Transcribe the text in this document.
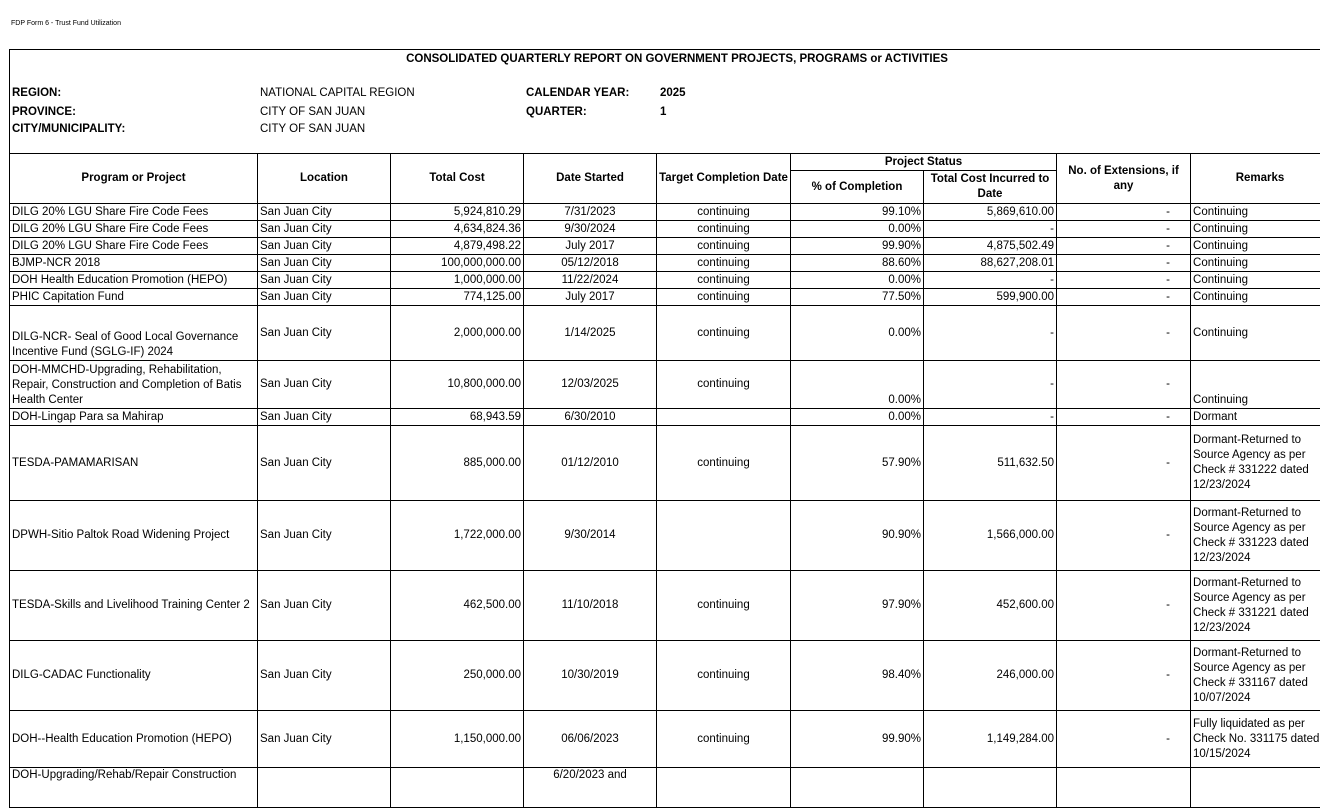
FDP Form 6 - Trust Fund Utilization
CONSOLIDATED QUARTERLY REPORT ON GOVERNMENT PROJECTS, PROGRAMS or ACTIVITIES
REGION:	NATIONAL CAPITAL REGION	CALENDAR YEAR:	2025
PROVINCE:	CITY OF SAN JUAN	QUARTER:	1
CITY/MUNICIPALITY:	CITY OF SAN JUAN
Program or Project	Location	Total Cost	Date Started	Target Completion Date	Project Status		No. of Extensions, if any	Remarks
					% of Completion	Total Cost Incurred to Date		
DILG 20% LGU Share Fire Code Fees	San Juan City	5,924,810.29	7/31/2023	continuing	99.10%	5,869,610.00	-	Continuing
DILG 20% LGU Share Fire Code Fees	San Juan City	4,634,824.36	9/30/2024	continuing	0.00%	-	-	Continuing
DILG 20% LGU Share Fire Code Fees	San Juan City	4,879,498.22	July 2017	continuing	99.90%	4,875,502.49	-	Continuing
BJMP-NCR 2018	San Juan City	100,000,000.00	05/12/2018	continuing	88.60%	88,627,208.01	-	Continuing
DOH Health Education Promotion (HEPO)	San Juan City	1,000,000.00	11/22/2024	continuing	0.00%	-	-	Continuing
PHIC Capitation Fund	San Juan City	774,125.00	July 2017	continuing	77.50%	599,900.00	-	Continuing
DILG-NCR- Seal of Good Local Governance Incentive Fund (SGLG-IF) 2024	San Juan City	2,000,000.00	1/14/2025	continuing	0.00%	-	-	Continuing
DOH-MMCHD-Upgrading, Rehabilitation, Repair, Construction and Completion of Batis Health Center	San Juan City	10,800,000.00	12/03/2025	continuing	0.00%	-	-	Continuing
DOH-Lingap Para sa Mahirap	San Juan City	68,943.59	6/30/2010		0.00%	-	-	Dormant
TESDA-PAMAMARISAN	San Juan City	885,000.00	01/12/2010	continuing	57.90%	511,632.50	-	Dormant-Returned to Source Agency as per Check # 331222 dated 12/23/2024
DPWH-Sitio Paltok Road Widening Project	San Juan City	1,722,000.00	9/30/2014		90.90%	1,566,000.00	-	Dormant-Returned to Source Agency as per Check # 331223 dated 12/23/2024
TESDA-Skills and Livelihood Training Center 2	San Juan City	462,500.00	11/10/2018	continuing	97.90%	452,600.00	-	Dormant-Returned to Source Agency as per Check # 331221 dated 12/23/2024
DILG-CADAC Functionality	San Juan City	250,000.00	10/30/2019	continuing	98.40%	246,000.00	-	Dormant-Returned to Source Agency as per Check # 331167 dated 10/07/2024
DOH--Health Education Promotion (HEPO)	San Juan City	1,150,000.00	06/06/2023	continuing	99.90%	1,149,284.00	-	Fully liquidated as per Check No. 331175 dated 10/15/2024
DOH-Upgrading/Rehab/Repair Construction			6/20/2023 and					
